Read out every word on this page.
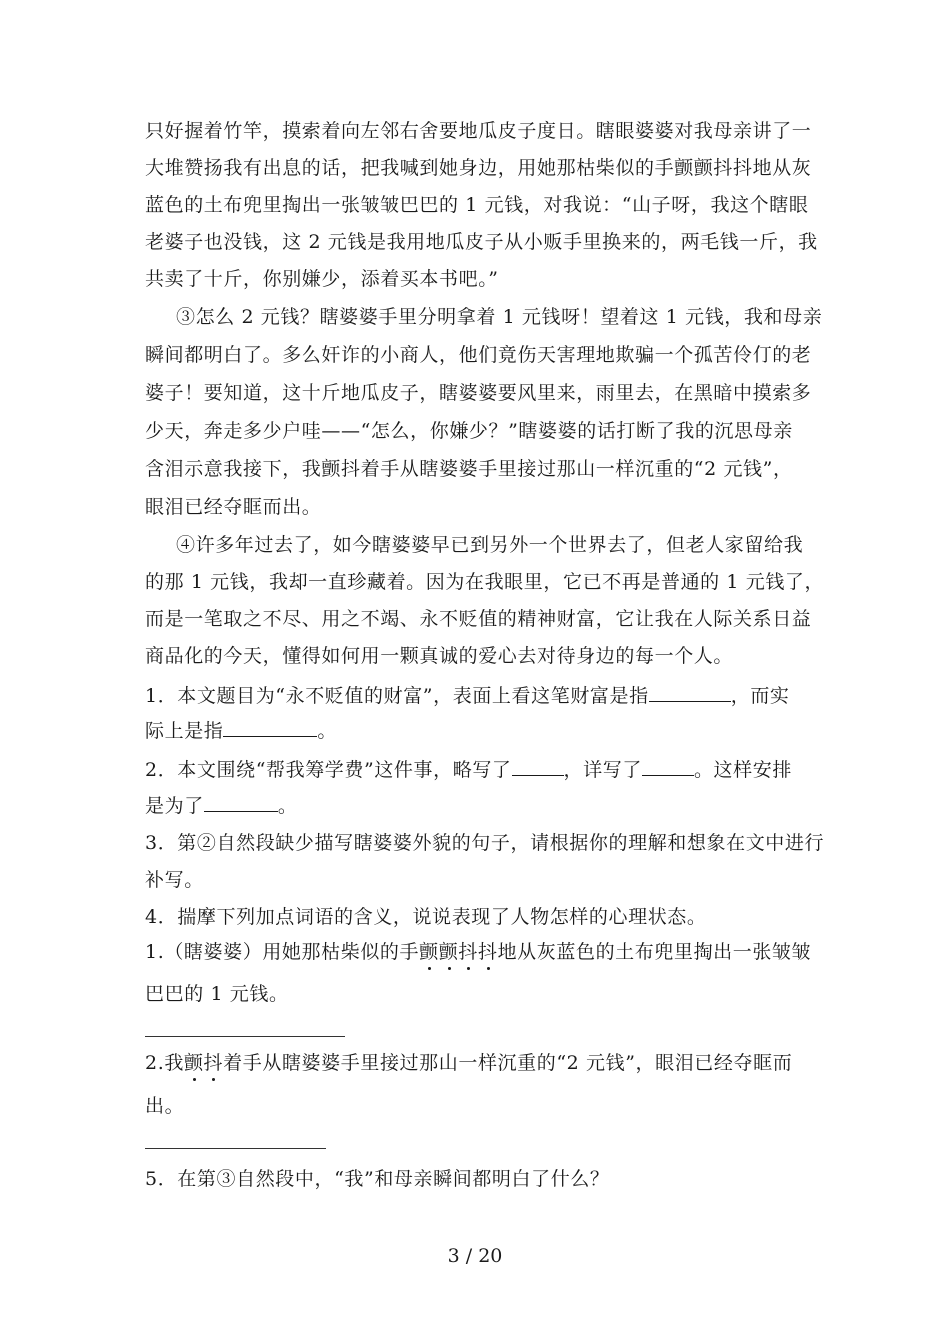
只好握着竹竿，摸索着向左邻右舍要地瓜皮子度日。瞎眼婆婆对我母亲讲了一
大堆赞扬我有出息的话，把我喊到她身边，用她那枯柴似的手颤颤抖抖地从灰
蓝色的土布兜里掏出一张皱皱巴巴的 1 元钱，对我说：“山子呀，我这个瞎眼
老婆子也没钱，这 2 元钱是我用地瓜皮子从小贩手里换来的，两毛钱一斤，我
共卖了十斤，你别嫌少，添着买本书吧。”
③怎么 2 元钱？瞎婆婆手里分明拿着 1 元钱呀！望着这 1 元钱，我和母亲
瞬间都明白了。多么奸诈的小商人，他们竟伤天害理地欺骗一个孤苦伶仃的老
婆子！要知道，这十斤地瓜皮子，瞎婆婆要风里来，雨里去，在黑暗中摸索多
少天，奔走多少户哇——“怎么，你嫌少？”瞎婆婆的话打断了我的沉思母亲
含泪示意我接下，我颤抖着手从瞎婆婆手里接过那山一样沉重的“2 元钱”，
眼泪已经夺眶而出。
④许多年过去了，如今瞎婆婆早已到另外一个世界去了，但老人家留给我
的那 1 元钱，我却一直珍藏着。因为在我眼里，它已不再是普通的 1 元钱了，
而是一笔取之不尽、用之不竭、永不贬值的精神财富，它让我在人际关系日益
商品化的今天，懂得如何用一颗真诚的爱心去对待身边的每一个人。
1．本文题目为“永不贬值的财富”，表面上看这笔财富是指	，而实
际上是指	。
2．本文围绕“帮我筹学费”这件事，略写了	，详写了	。这样安排
是为了	。
3．第②自然段缺少描写瞎婆婆外貌的句子，请根据你的理解和想象在文中进行
补写。
4．揣摩下列加点词语的含义，说说表现了人物怎样的心理状态。
1.（瞎婆婆）用她那枯柴似的手颤颤抖抖地从灰蓝色的土布兜里掏出一张皱皱
巴巴的 1 元钱。
2.我颤抖着手从瞎婆婆手里接过那山一样沉重的“2 元钱”，眼泪已经夺眶而
出。
5．在第③自然段中，“我”和母亲瞬间都明白了什么？
3 / 20
